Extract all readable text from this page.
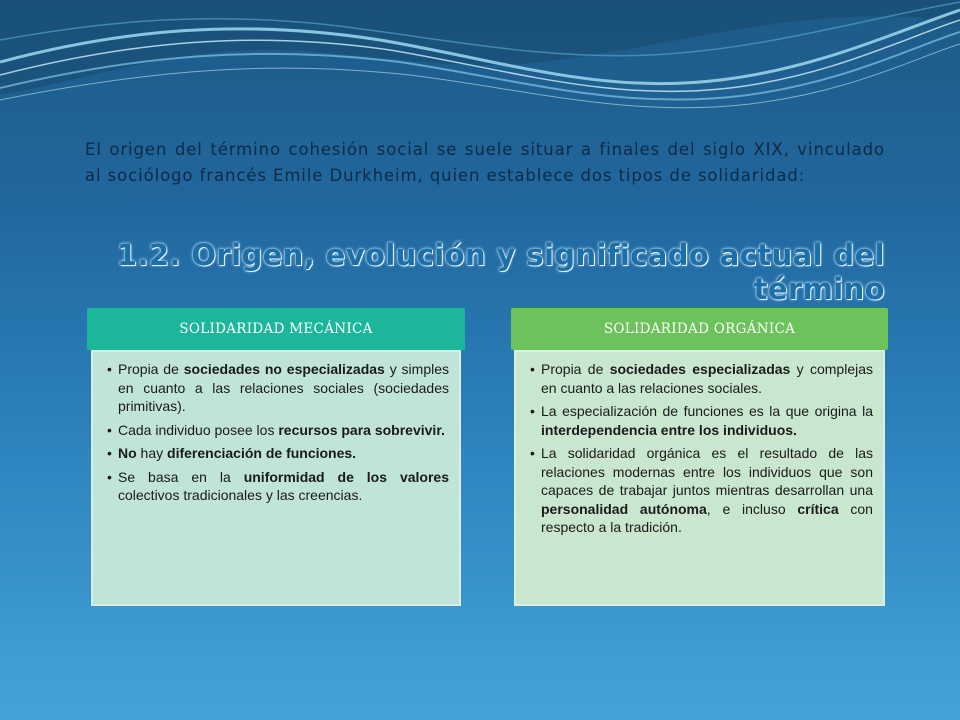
El origen del término cohesión social se suele situar a finales del siglo XIX, vinculado al sociólogo francés Emile Durkheim, quien establece dos tipos de solidaridad:

1.2. Origen, evolución y significado actual del término
SOLIDARIDAD MECÁNICA
• Propia de sociedades no especializadas y simples en cuanto a las relaciones sociales (sociedades primitivas).
• Cada individuo posee los recursos para sobrevivir.
• No hay diferenciación de funciones.
• Se basa en la uniformidad de los valores colectivos tradicionales y las creencias.
SOLIDARIDAD ORGÁNICA
• Propia de sociedades especializadas y complejas en cuanto a las relaciones sociales.
• La especialización de funciones es la que origina la interdependencia entre los individuos.
• La solidaridad orgánica es el resultado de las relaciones modernas entre los individuos que son capaces de trabajar juntos mientras desarrollan una personalidad autónoma, e incluso crítica con respecto a la tradición.
